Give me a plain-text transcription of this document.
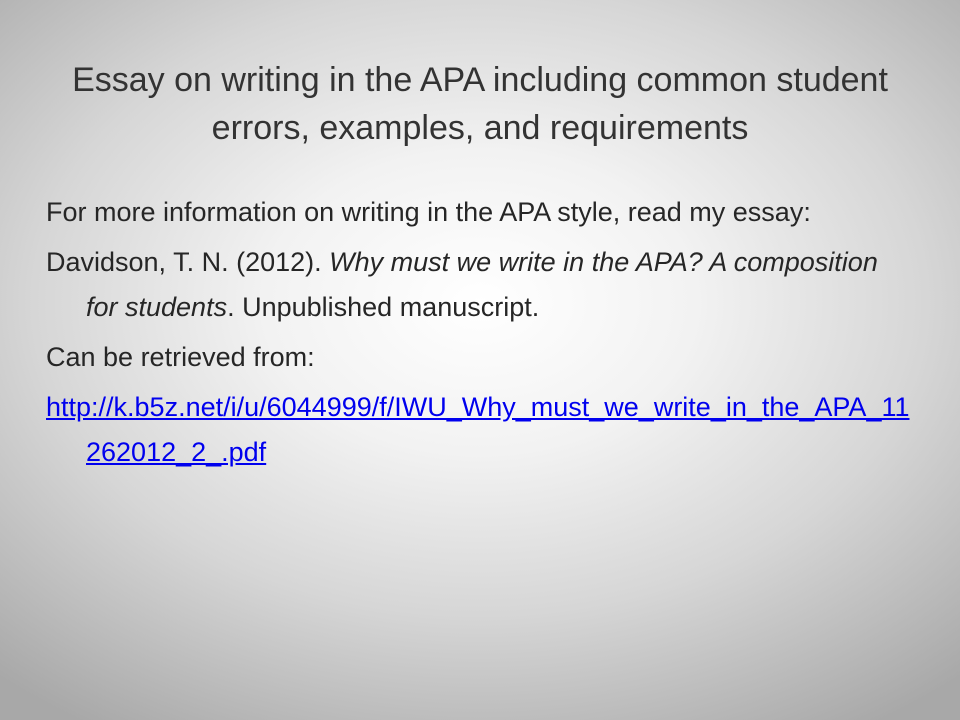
Essay on writing in the APA including common student errors, examples, and requirements

For more information on writing in the APA style, read my essay:

Davidson, T. N. (2012). Why must we write in the APA? A composition for students. Unpublished manuscript.

Can be retrieved from:

http://k.b5z.net/i/u/6044999/f/IWU_Why_must_we_write_in_the_APA_11262012_2_.pdf
